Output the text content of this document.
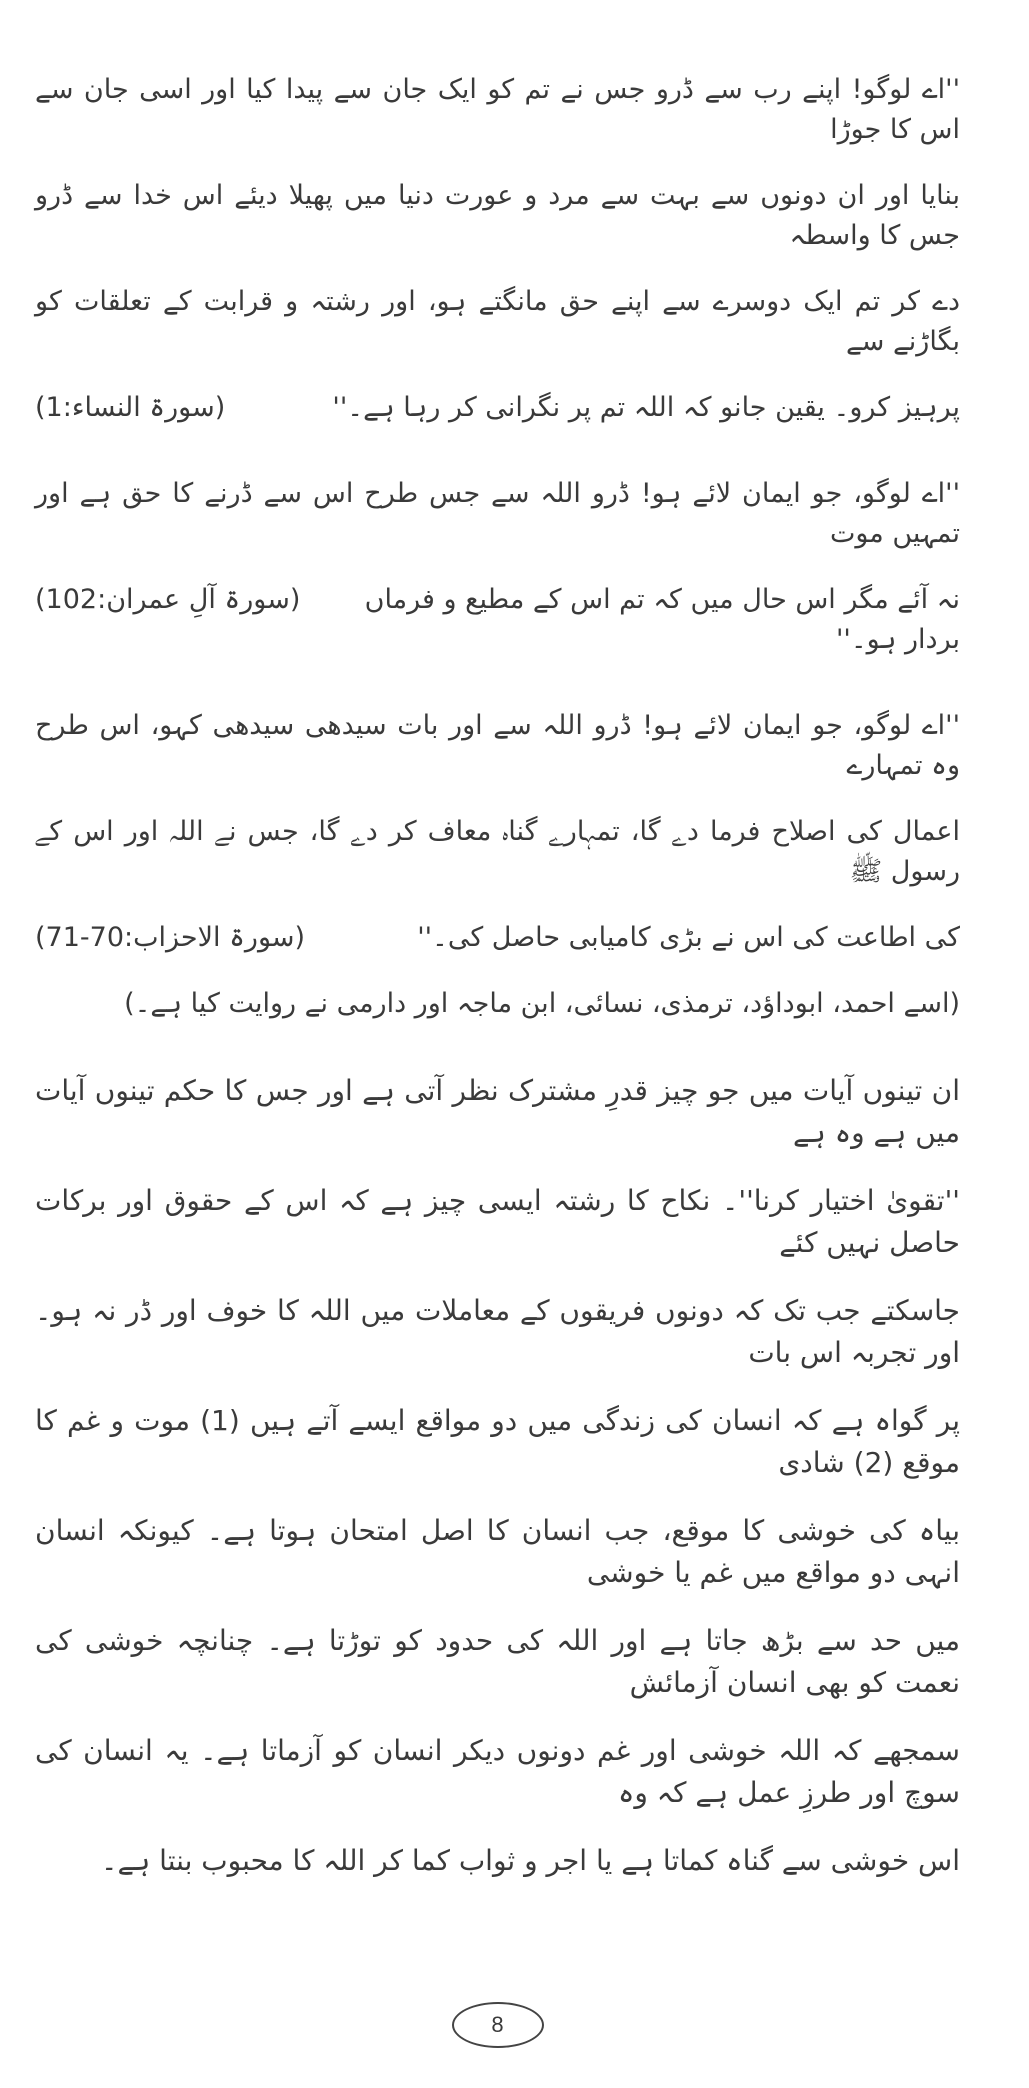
''اے لوگو! اپنے رب سے ڈرو جس نے تم کو ایک جان سے پیدا کیا اور اسی جان سے اس کا جوڑا
بنایا اور ان دونوں سے بہت سے مرد و عورت دنیا میں پھیلا دیئے اس خدا سے ڈرو جس کا واسطہ
دے کر تم ایک دوسرے سے اپنے حق مانگتے ہو، اور رشتہ و قرابت کے تعلقات کو بگاڑنے سے
پرہیز کرو۔ یقین جانو کہ اللہ تم پر نگرانی کر رہا ہے۔''
(سورۃ النساء:1)
''اے لوگو، جو ایمان لائے ہو! ڈرو اللہ سے جس طرح اس سے ڈرنے کا حق ہے اور تمہیں موت
نہ آئے مگر اس حال میں کہ تم اس کے مطیع و فرماں بردار ہو۔''
(سورۃ آلِ عمران:102)
''اے لوگو، جو ایمان لائے ہو! ڈرو اللہ سے اور بات سیدھی سیدھی کہو، اس طرح وہ تمہارے
اعمال کی اصلاح فرما دے گا، تمہارے گناہ معاف کر دے گا، جس نے اللہ اور اس کے رسول ﷺ
کی اطاعت کی اس نے بڑی کامیابی حاصل کی۔''
(سورۃ الاحزاب:70-71)
(اسے احمد، ابوداؤد، ترمذی، نسائی، ابن ماجہ اور دارمی نے روایت کیا ہے۔)
ان تینوں آیات میں جو چیز قدرِ مشترک نظر آتی ہے اور جس کا حکم تینوں آیات میں ہے وہ ہے
''تقویٰ اختیار کرنا''۔ نکاح کا رشتہ ایسی چیز ہے کہ اس کے حقوق اور برکات حاصل نہیں کئے
جاسکتے جب تک کہ دونوں فریقوں کے معاملات میں اللہ کا خوف اور ڈر نہ ہو۔ اور تجربہ اس بات
پر گواہ ہے کہ انسان کی زندگی میں دو مواقع ایسے آتے ہیں (1) موت و غم کا موقع (2) شادی
بیاہ کی خوشی کا موقع، جب انسان کا اصل امتحان ہوتا ہے۔ کیونکہ انسان انہی دو مواقع میں غم یا خوشی
میں حد سے بڑھ جاتا ہے اور اللہ کی حدود کو توڑتا ہے۔ چنانچہ خوشی کی نعمت کو بھی انسان آزمائش
سمجھے کہ اللہ خوشی اور غم دونوں دیکر انسان کو آزماتا ہے۔ یہ انسان کی سوچ اور طرزِ عمل ہے کہ وہ
اس خوشی سے گناہ کماتا ہے یا اجر و ثواب کما کر اللہ کا محبوب بنتا ہے۔
8
